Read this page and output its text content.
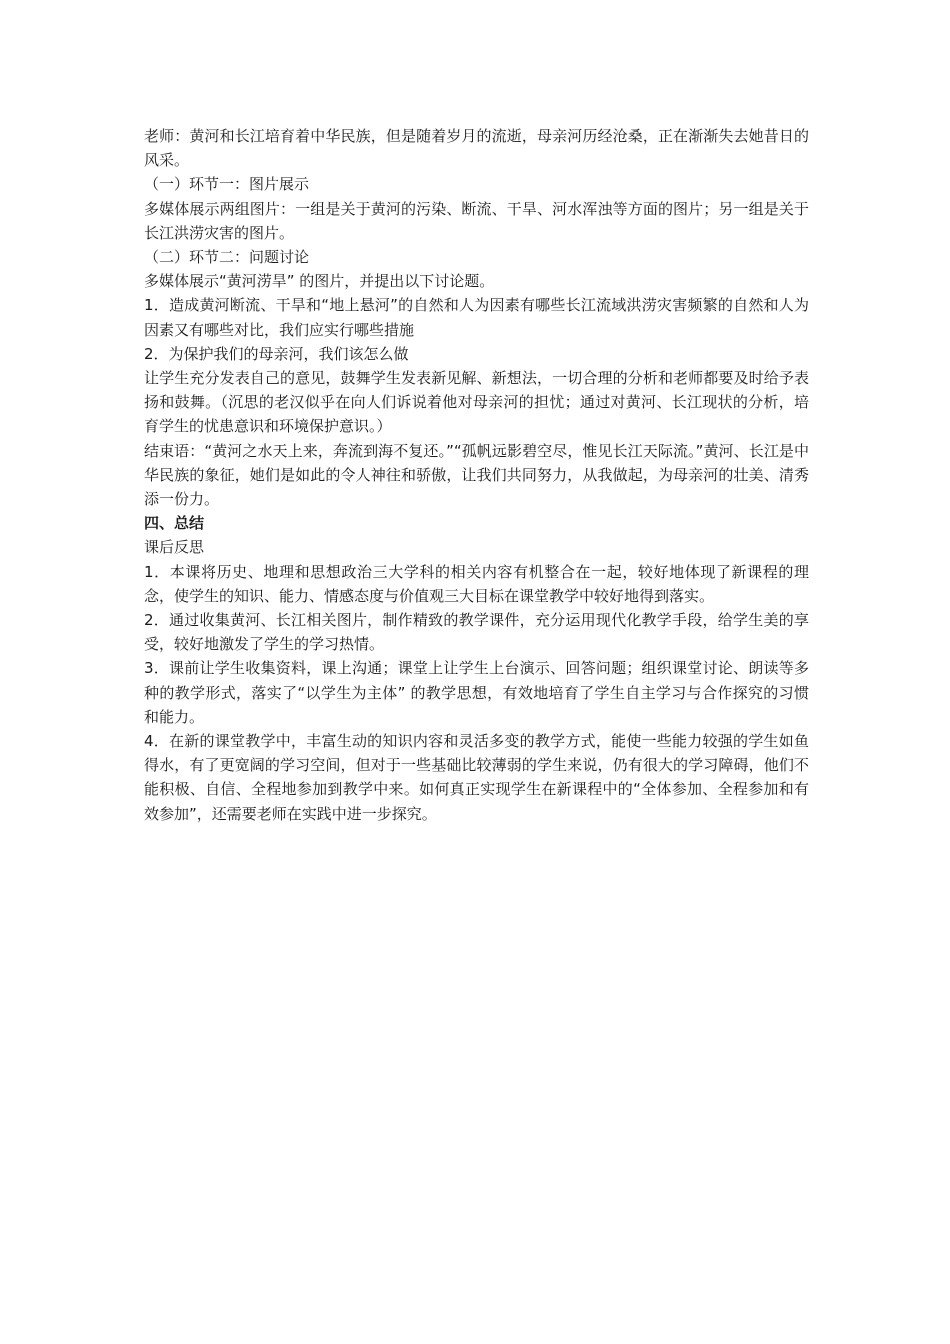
老师：黄河和长江培育着中华民族，但是随着岁月的流逝，母亲河历经沧桑，正在渐渐失去她昔日的风采。

（一）环节一：图片展示

多媒体展示两组图片：一组是关于黄河的污染、断流、干旱、河水浑浊等方面的图片；另一组是关于长江洪涝灾害的图片。

（二）环节二：问题讨论

多媒体展示“黄河涝旱” 的图片，并提出以下讨论题。

1．造成黄河断流、干旱和“地上悬河”的自然和人为因素有哪些长江流域洪涝灾害频繁的自然和人为因素又有哪些对比，我们应实行哪些措施

2．为保护我们的母亲河，我们该怎么做

让学生充分发表自己的意见，鼓舞学生发表新见解、新想法，一切合理的分析和老师都要及时给予表扬和鼓舞。（沉思的老汉似乎在向人们诉说着他对母亲河的担忧；通过对黄河、长江现状的分析，培育学生的忧患意识和环境保护意识。）

结束语：“黄河之水天上来，奔流到海不复还。”“孤帆远影碧空尽，惟见长江天际流。”黄河、长江是中华民族的象征，她们是如此的令人神往和骄傲，让我们共同努力，从我做起，为母亲河的壮美、清秀添一份力。

四、总结

课后反思

1．本课将历史、地理和思想政治三大学科的相关内容有机整合在一起，较好地体现了新课程的理念，使学生的知识、能力、情感态度与价值观三大目标在课堂教学中较好地得到落实。

2．通过收集黄河、长江相关图片，制作精致的教学课件，充分运用现代化教学手段，给学生美的享受，较好地激发了学生的学习热情。

3．课前让学生收集资料，课上沟通；课堂上让学生上台演示、回答问题；组织课堂讨论、朗读等多种的教学形式，落实了“以学生为主体” 的教学思想，有效地培育了学生自主学习与合作探究的习惯和能力。

4．在新的课堂教学中，丰富生动的知识内容和灵活多变的教学方式，能使一些能力较强的学生如鱼得水，有了更宽阔的学习空间，但对于一些基础比较薄弱的学生来说，仍有很大的学习障碍，他们不能积极、自信、全程地参加到教学中来。如何真正实现学生在新课程中的“全体参加、全程参加和有效参加”，还需要老师在实践中进一步探究。
